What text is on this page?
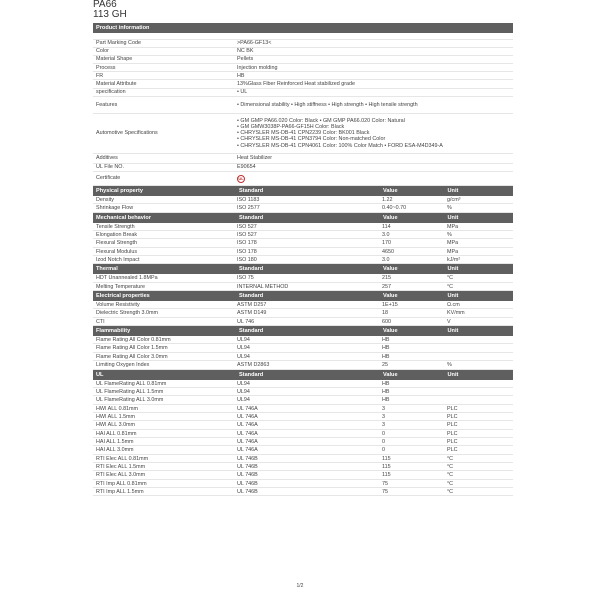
PA66
113 GH
Product information

Part Marking Code	>PA66-GF13<
Color	NC BK
Material Shape	Pellets
Process	Injection molding
FR	HB
Material Attribute	13%Glass Fiber Reinforced Heat stabilized grade
specification	• UL
Features	• Dimensional stability • High stiffness • High strength • High tensile strength
Automotive Specifications	• GM GMP PA66.020 Color: Black • GM GMP PA66.020 Color: Natural
• GM GMW3038P-PA66-GF15H Color: Black
• CHRYSLER MS-DB-41 CPN2239 Color: BK001 Black
• CHRYSLER MS-DB-41 CPN3794 Color: Non-matched Color
• CHRYSLER MS-DB-41 CPN4061 Color: 100% Color Match • FORD ESA-M4D349-A

Additives	Heat Stabilizer
UL File NO.	E90654
Certificate	UL
Physical property	Standard	Value	Unit
Density	ISO 1183	1.22	g/cm³
Shrinkage Flow	ISO 2577	0.40~0.70	%
Mechanical behavior	Standard	Value	Unit
Tensile Strength	ISO 527	114	MPa
Elongation Break	ISO 527	3.0	%
Flexural Strength	ISO 178	170	MPa
Flexural Modulus	ISO 178	4650	MPa
Izod Notch Impact	ISO 180	3.0	kJ/m²
Thermal	Standard	Value	Unit
HDT Unannealed 1.8MPa	ISO 75	215	°C
Melting Temperature	INTERNAL METHOD	257	°C
Electrical properties	Standard	Value	Unit
Volume Resistivity	ASTM D257	1E+15	Ω.cm
Dielectric Strength 3.0mm	ASTM D149	18	KV/mm
CTI	UL 746	600	V
Flammability	Standard	Value	Unit
Flame Rating All Color 0.81mm	UL94	HB
Flame Rating All Color 1.5mm	UL94	HB
Flame Rating All Color 3.0mm	UL94	HB
Limiting Oxygen Index	ASTM D2863	25	%
UL	Standard	Value	Unit
UL FlameRating ALL 0.81mm	UL94	HB
UL FlameRating ALL 1.5mm	UL94	HB
UL FlameRating ALL 3.0mm	UL94	HB
HWI ALL 0.81mm	UL 746A	3	PLC
HWI ALL 1.5mm	UL 746A	3	PLC
HWI ALL 3.0mm	UL 746A	3	PLC
HAI ALL 0.81mm	UL 746A	0	PLC
HAI ALL 1.5mm	UL 746A	0	PLC
HAI ALL 3.0mm	UL 746A	0	PLC
RTI Elec ALL 0.81mm	UL 746B	115	°C
RTI Elec ALL 1.5mm	UL 746B	115	°C
RTI Elec ALL 3.0mm	UL 746B	115	°C
RTI Imp ALL 0.81mm	UL 746B	75	°C
RTI Imp ALL 1.5mm	UL 746B	75	°C
1/2
